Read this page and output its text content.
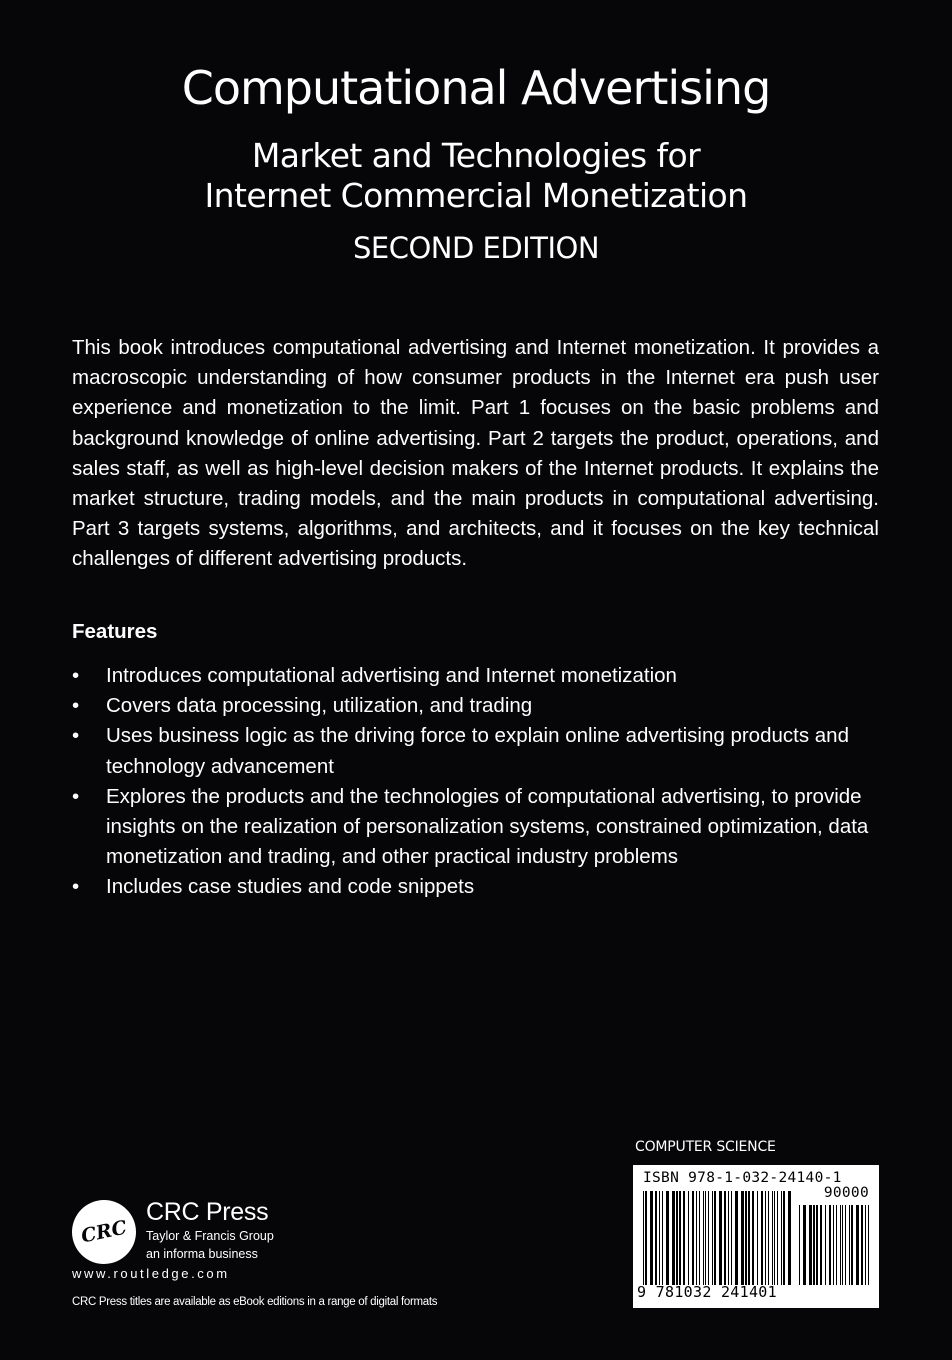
Computational Advertising
Market and Technologies for
Internet Commercial Monetization
SECOND EDITION

This book introduces computational advertising and Internet monetization. It provides a macroscopic understanding of how consumer products in the Internet era push user experience and monetization to the limit. Part 1 focuses on the basic problems and background knowledge of online advertising. Part 2 targets the product, operations, and sales staff, as well as high-level decision makers of the Internet products. It explains the market structure, trading models, and the main products in computational advertising. Part 3 targets systems, algorithms, and architects, and it focuses on the key technical challenges of different advertising products.

Features
• Introduces computational advertising and Internet monetization
• Covers data processing, utilization, and trading
• Uses business logic as the driving force to explain online advertising products and technology advancement
• Explores the products and the technologies of computational advertising, to provide insights on the realization of personalization systems, constrained optimization, data monetization and trading, and other practical industry problems
• Includes case studies and code snippets
CRC
CRC Press
Taylor & Francis Group
an informa business
www.routledge.com
CRC Press titles are available as eBook editions in a range of digital formats
COMPUTER SCIENCE
ISBN 978-1-032-24140-1
90000
9 781032 241401
